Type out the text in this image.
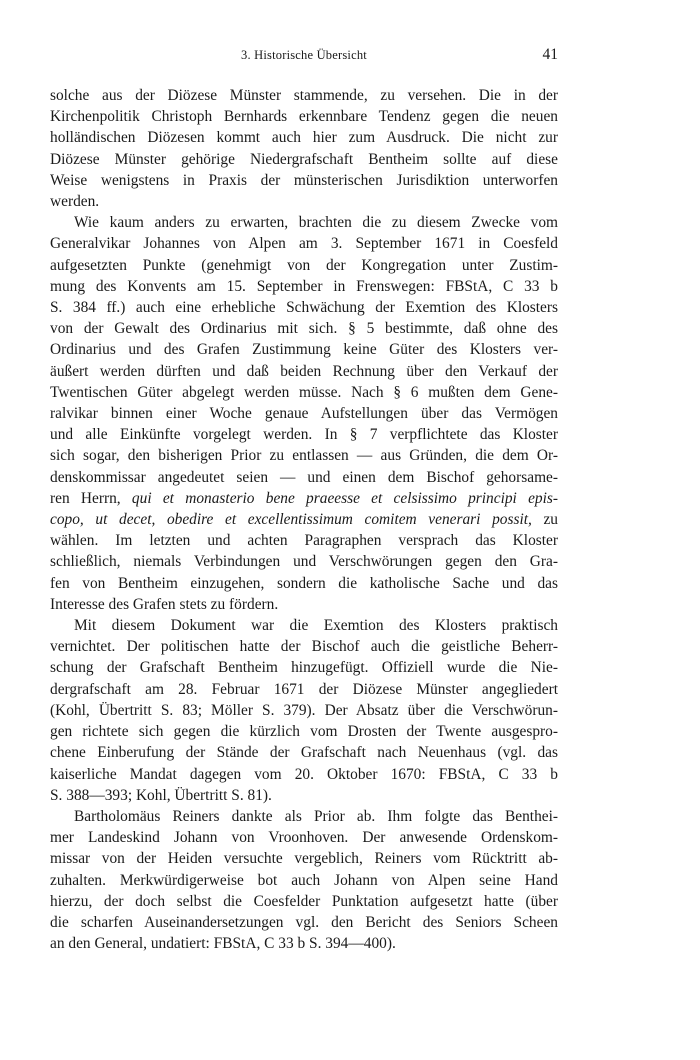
3. Historische Übersicht	41

solche aus der Diözese Münster stammende, zu versehen. Die in der
Kirchenpolitik Christoph Bernhards erkennbare Tendenz gegen die neuen
holländischen Diözesen kommt auch hier zum Ausdruck. Die nicht zur
Diözese Münster gehörige Niedergrafschaft Bentheim sollte auf diese
Weise wenigstens in Praxis der münsterischen Jurisdiktion unterworfen
werden.

Wie kaum anders zu erwarten, brachten die zu diesem Zwecke vom
Generalvikar Johannes von Alpen am 3. September 1671 in Coesfeld
aufgesetzten Punkte (genehmigt von der Kongregation unter Zustim-
mung des Konvents am 15. September in Frenswegen: FBStA, C 33 b
S. 384 ff.) auch eine erhebliche Schwächung der Exemtion des Klosters
von der Gewalt des Ordinarius mit sich. § 5 bestimmte, daß ohne des
Ordinarius und des Grafen Zustimmung keine Güter des Klosters ver-
äußert werden dürften und daß beiden Rechnung über den Verkauf der
Twentischen Güter abgelegt werden müsse. Nach § 6 mußten dem Gene-
ralvikar binnen einer Woche genaue Aufstellungen über das Vermögen
und alle Einkünfte vorgelegt werden. In § 7 verpflichtete das Kloster
sich sogar, den bisherigen Prior zu entlassen — aus Gründen, die dem Or-
denskommissar angedeutet seien — und einen dem Bischof gehorsame-
ren Herrn, qui et monasterio bene praeesse et celsissimo principi epis-
copo, ut decet, obedire et excellentissimum comitem venerari possit, zu
wählen. Im letzten und achten Paragraphen versprach das Kloster
schließlich, niemals Verbindungen und Verschwörungen gegen den Gra-
fen von Bentheim einzugehen, sondern die katholische Sache und das
Interesse des Grafen stets zu fördern.

Mit diesem Dokument war die Exemtion des Klosters praktisch
vernichtet. Der politischen hatte der Bischof auch die geistliche Beherr-
schung der Grafschaft Bentheim hinzugefügt. Offiziell wurde die Nie-
dergrafschaft am 28. Februar 1671 der Diözese Münster angegliedert
(Kohl, Übertritt S. 83; Möller S. 379). Der Absatz über die Verschwörun-
gen richtete sich gegen die kürzlich vom Drosten der Twente ausgespro-
chene Einberufung der Stände der Grafschaft nach Neuenhaus (vgl. das
kaiserliche Mandat dagegen vom 20. Oktober 1670: FBStA, C 33 b
S. 388—393; Kohl, Übertritt S. 81).

Bartholomäus Reiners dankte als Prior ab. Ihm folgte das Benthei-
mer Landeskind Johann von Vroonhoven. Der anwesende Ordenskom-
missar von der Heiden versuchte vergeblich, Reiners vom Rücktritt ab-
zuhalten. Merkwürdigerweise bot auch Johann von Alpen seine Hand
hierzu, der doch selbst die Coesfelder Punktation aufgesetzt hatte (über
die scharfen Auseinandersetzungen vgl. den Bericht des Seniors Scheen
an den General, undatiert: FBStA, C 33 b S. 394—400).
